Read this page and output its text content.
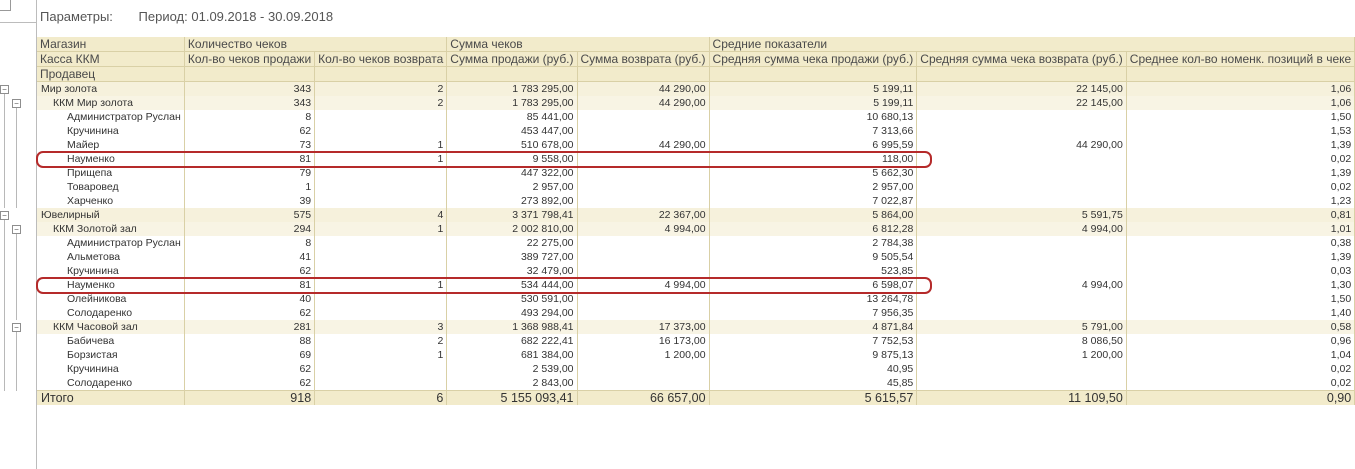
Параметры: Период: 01.09.2018 - 30.09.2018
−
−
−
−
−
Магазин	Количество чеков		Сумма чеков		Средние показатели		
Касса ККМ	Кол-во чеков продажи	Кол-во чеков возврата	Сумма продажи (руб.)	Сумма возврата (руб.)	Средняя сумма чека продажи (руб.)	Средняя сумма чека возврата (руб.)	Среднее кол-во номенк. позиций в чеке
Продавец							
Мир золота	343	2	1 783 295,00	44 290,00	5 199,11	22 145,00	1,06
ККМ Мир золота	343	2	1 783 295,00	44 290,00	5 199,11	22 145,00	1,06
Администратор Руслан	8		85 441,00		10 680,13		1,50
Кручинина	62		453 447,00		7 313,66		1,53
Майер	73	1	510 678,00	44 290,00	6 995,59	44 290,00	1,39
Науменко	81	1	9 558,00		118,00		0,02
Прищепа	79		447 322,00		5 662,30		1,39
Товаровед	1		2 957,00		2 957,00		0,02
Харченко	39		273 892,00		7 022,87		1,23
Ювелирный	575	4	3 371 798,41	22 367,00	5 864,00	5 591,75	0,81
ККМ Золотой зал	294	1	2 002 810,00	4 994,00	6 812,28	4 994,00	1,01
Администратор Руслан	8		22 275,00		2 784,38		0,38
Альметова	41		389 727,00		9 505,54		1,39
Кручинина	62		32 479,00		523,85		0,03
Науменко	81	1	534 444,00	4 994,00	6 598,07	4 994,00	1,30
Олейникова	40		530 591,00		13 264,78		1,50
Солодаренко	62		493 294,00		7 956,35		1,40
ККМ Часовой зал	281	3	1 368 988,41	17 373,00	4 871,84	5 791,00	0,58
Бабичева	88	2	682 222,41	16 173,00	7 752,53	8 086,50	0,96
Борзистая	69	1	681 384,00	1 200,00	9 875,13	1 200,00	1,04
Кручинина	62		2 539,00		40,95		0,02
Солодаренко	62		2 843,00		45,85		0,02
Итого	918	6	5 155 093,41	66 657,00	5 615,57	11 109,50	0,90
